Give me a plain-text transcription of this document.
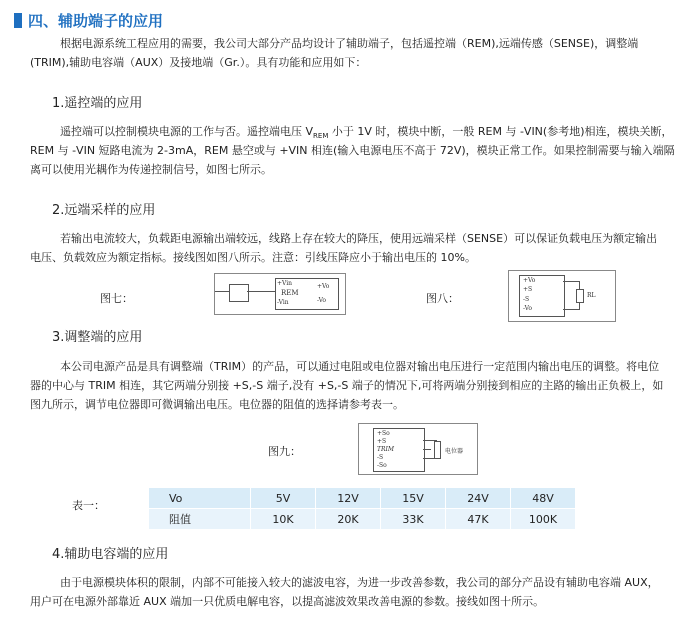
四、辅助端子的应用
根据电源系统工程应用的需要，我公司大部分产品均设计了辅助端子，包括遥控端（REM),远端传感（SENSE)，调整端
(TRIM),辅助电容端（AUX）及接地端（Gr.）。具有功能和应用如下：
1.遥控端的应用
遥控端可以控制模块电源的工作与否。遥控端电压 $V_{REM}$ 小于 1V 时，模块中断，一般 REM 与 -VIN(参考地)相连，模块关断，
REM 与 -VIN 短路电流为 2-3mA，REM 悬空或与 +VIN 相连(输入电源电压不高于 72V)，模块正常工作。如果控制需要与输入端隔
离可以使用光耦作为传递控制信号，如图七所示。
2.远端采样的应用
若输出电流较大，负载距电源输出端较远，线路上存在较大的降压，使用远端采样（SENSE）可以保证负载电压为额定输出
电压、负载效应为额定指标。接线图如图八所示。注意：引线压降应小于输出电压的 10%。
图七：
+Vin
REM
-Vin
+Vo
-Vo	图八：
+Vo
+S
-S
-Vo
RL
3.调整端的应用
本公司电源产品是具有调整端（TRIM）的产品，可以通过电阻或电位器对输出电压进行一定范围内输出电压的调整。将电位
器的中心与 TRIM 相连，其它两端分别接 +S,-S 端子,没有 +S,-S 端子的情况下,可将两端分别接到相应的主路的输出正负极上，如
图九所示，调节电位器即可微调输出电压。电位器的阻值的选择请参考表一。
图九：
+So
+S
TRIM
-S
-So
电位器
表一：
Vo	5V	12V	15V	24V	48V
阻值	10K	20K	33K	47K	100K
4.辅助电容端的应用
由于电源模块体积的限制，内部不可能接入较大的滤波电容，为进一步改善参数，我公司的部分产品设有辅助电容端 AUX，
用户可在电源外部靠近 AUX 端加一只优质电解电容，以提高滤波效果改善电源的参数。接线如图十所示。
